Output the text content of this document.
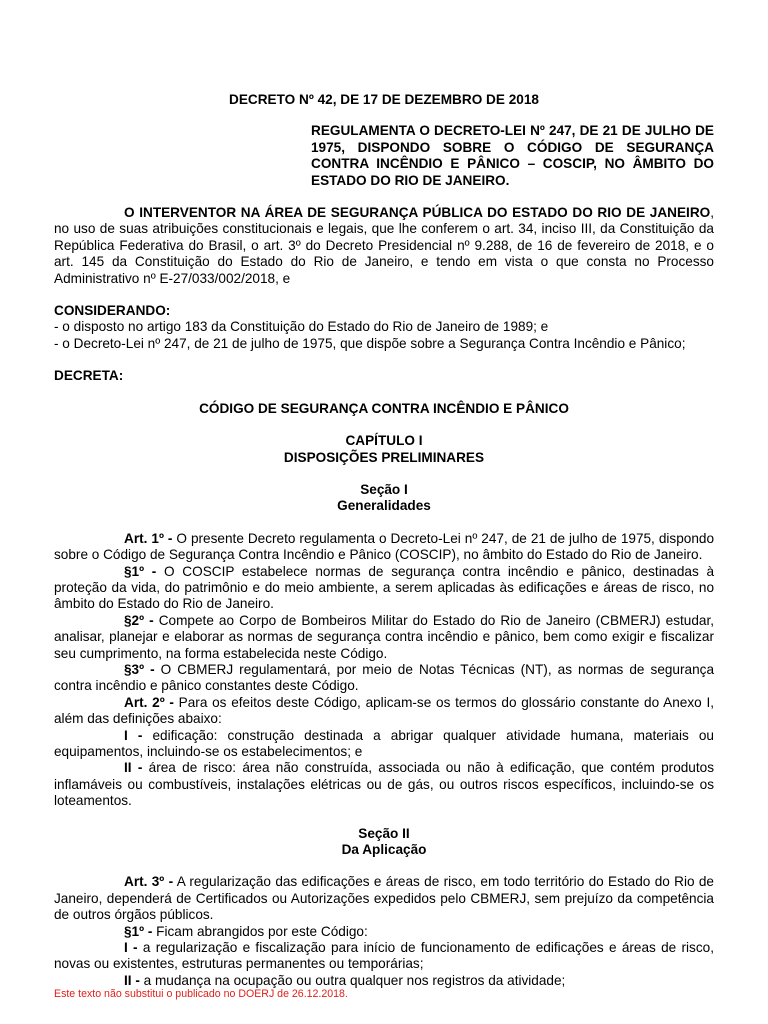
DECRETO Nº 42, DE 17 DE DEZEMBRO DE 2018
REGULAMENTA O DECRETO-LEI Nº 247, DE 21 DE JULHO DE 1975, DISPONDO SOBRE O CÓDIGO DE SEGURANÇA CONTRA INCÊNDIO E PÂNICO – COSCIP, NO ÂMBITO DO ESTADO DO RIO DE JANEIRO.

O INTERVENTOR NA ÁREA DE SEGURANÇA PÚBLICA DO ESTADO DO RIO DE JANEIRO, no uso de suas atribuições constitucionais e legais, que lhe conferem o art. 34, inciso III, da Constituição da República Federativa do Brasil, o art. 3º do Decreto Presidencial nº 9.288, de 16 de fevereiro de 2018, e o art. 145 da Constituição do Estado do Rio de Janeiro, e tendo em vista o que consta no Processo Administrativo nº E-27/033/002/2018, e

CONSIDERANDO:

- o disposto no artigo 183 da Constituição do Estado do Rio de Janeiro de 1989; e

- o Decreto-Lei nº 247, de 21 de julho de 1975, que dispõe sobre a Segurança Contra Incêndio e Pânico;

DECRETA:

CÓDIGO DE SEGURANÇA CONTRA INCÊNDIO E PÂNICO
CAPÍTULO I
DISPOSIÇÕES PRELIMINARES
Seção I
Generalidades

Art. 1º - O presente Decreto regulamenta o Decreto-Lei nº 247, de 21 de julho de 1975, dispondo sobre o Código de Segurança Contra Incêndio e Pânico (COSCIP), no âmbito do Estado do Rio de Janeiro.

§1º - O COSCIP estabelece normas de segurança contra incêndio e pânico, destinadas à proteção da vida, do patrimônio e do meio ambiente, a serem aplicadas às edificações e áreas de risco, no âmbito do Estado do Rio de Janeiro.

§2º - Compete ao Corpo de Bombeiros Militar do Estado do Rio de Janeiro (CBMERJ) estudar, analisar, planejar e elaborar as normas de segurança contra incêndio e pânico, bem como exigir e fiscalizar seu cumprimento, na forma estabelecida neste Código.

§3º - O CBMERJ regulamentará, por meio de Notas Técnicas (NT), as normas de segurança contra incêndio e pânico constantes deste Código.

Art. 2º - Para os efeitos deste Código, aplicam-se os termos do glossário constante do Anexo I, além das definições abaixo:

I - edificação: construção destinada a abrigar qualquer atividade humana, materiais ou equipamentos, incluindo-se os estabelecimentos; e

II - área de risco: área não construída, associada ou não à edificação, que contém produtos inflamáveis ou combustíveis, instalações elétricas ou de gás, ou outros riscos específicos, incluindo-se os loteamentos.

Seção II
Da Aplicação

Art. 3º - A regularização das edificações e áreas de risco, em todo território do Estado do Rio de Janeiro, dependerá de Certificados ou Autorizações expedidos pelo CBMERJ, sem prejuízo da competência de outros órgãos públicos.

§1º - Ficam abrangidos por este Código:

I - a regularização e fiscalização para início de funcionamento de edificações e áreas de risco, novas ou existentes, estruturas permanentes ou temporárias;

II - a mudança na ocupação ou outra qualquer nos registros da atividade;

Este texto não substitui o publicado no DOERJ de 26.12.2018.
